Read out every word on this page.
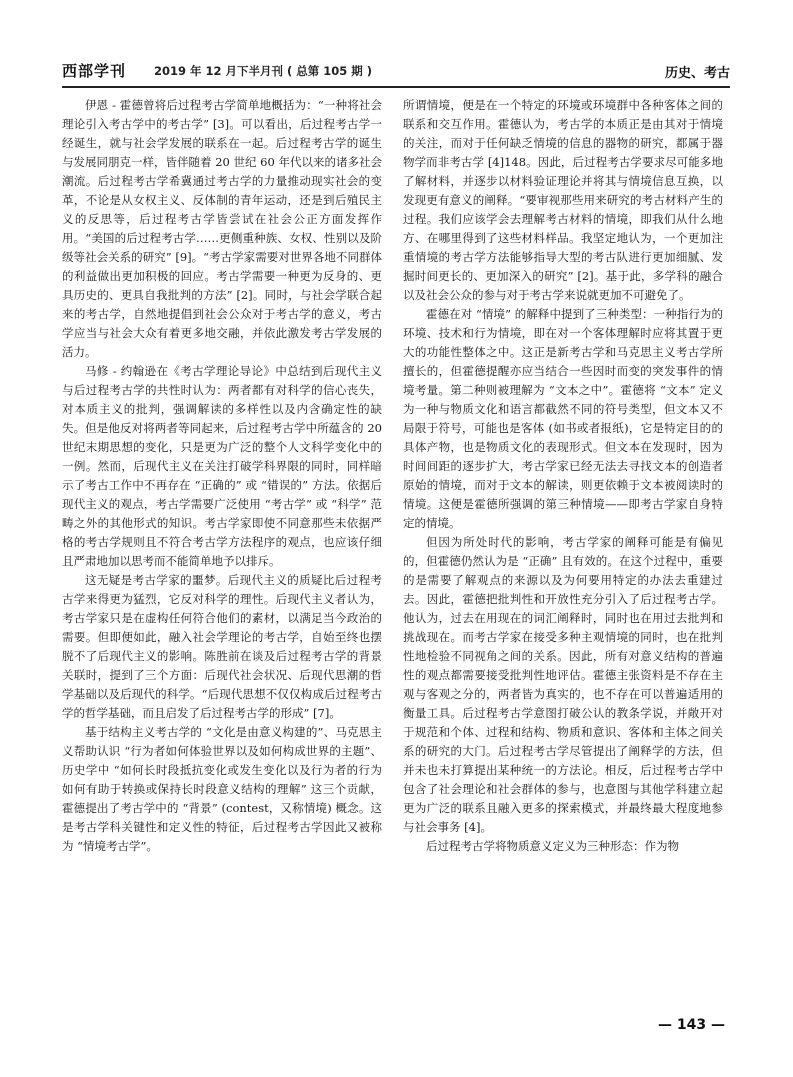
西部学刊 2019 年 12 月下半月刊 ( 总第 105 期 )	历史、考古

伊恩 - 霍德曾将后过程考古学简单地概括为：“一种将社会理论引入考古学中的考古学” [3]。可以看出，后过程考古学一经诞生，就与社会学发展的联系在一起。后过程考古学的诞生与发展同朋克一样，皆伴随着 20 世纪 60 年代以来的诸多社会潮流。后过程考古学希冀通过考古学的力量推动现实社会的变革，不论是从女权主义、反体制的青年运动，还是到后殖民主义的反思等，后过程考古学皆尝试在社会公正方面发挥作用。“美国的后过程考古学……更侧重种族、女权、性别以及阶级等社会关系的研究” [9]。“考古学家需要对世界各地不同群体的利益做出更加积极的回应。考古学需要一种更为反身的、更具历史的、更具自我批判的方法” [2]。同时，与社会学联合起来的考古学，自然地提倡到社会公众对于考古学的意义，考古学应当与社会大众有着更多地交融，并依此激发考古学发展的活力。

马修 - 约翰逊在《考古学理论导论》中总结到后现代主义与后过程考古学的共性时认为：两者都有对科学的信心丧失，对本质主义的批判，强调解读的多样性以及内含确定性的缺失。但是他反对将两者等同起来，后过程考古学中所蕴含的 20 世纪末期思想的变化，只是更为广泛的整个人文科学变化中的一例。然而，后现代主义在关注打破学科界限的同时，同样暗示了考古工作中不再存在 “正确的” 或 “错误的” 方法。依据后现代主义的观点，考古学需要广泛使用 “考古学” 或 “科学” 范畴之外的其他形式的知识。考古学家即使不同意那些未依据严格的考古学规则且不符合考古学方法程序的观点，也应该仔细且严肃地加以思考而不能简单地予以排斥。

这无疑是考古学家的噩梦。后现代主义的质疑比后过程考古学来得更为猛烈，它反对科学的理性。后现代主义者认为，考古学家只是在虚构任何符合他们的素材，以满足当今政治的需要。但即便如此，融入社会学理论的考古学，自始至终也摆脱不了后现代主义的影响。陈胜前在谈及后过程考古学的背景关联时，提到了三个方面：后现代社会状况、后现代思潮的哲学基础以及后现代的科学。“后现代思想不仅仅构成后过程考古学的哲学基础，而且启发了后过程考古学的形成” [7]。

基于结构主义考古学的 “文化是由意义构建的”、马克思主义帮助认识 “行为者如何体验世界以及如何构成世界的主题”、历史学中 “如何长时段抵抗变化或发生变化以及行为者的行为如何有助于转换或保持长时段意义结构的理解” 这三个贡献，霍德提出了考古学中的 “背景” (contest，又称情境) 概念。这是考古学科关键性和定义性的特征，后过程考古学因此又被称为 “情境考古学”。

所谓情境，便是在一个特定的环境或环境群中各种客体之间的联系和交互作用。霍德认为，考古学的本质正是由其对于情境的关注，而对于任何缺乏情境的信息的器物的研究，都属于器物学而非考古学 [4]148。因此，后过程考古学要求尽可能多地了解材料，并逐步以材料验证理论并将其与情境信息互换，以发现更有意义的阐释。“要审视那些用来研究的考古材料产生的过程。我们应该学会去理解考古材料的情境，即我们从什么地方、在哪里得到了这些材料样品。我坚定地认为，一个更加注重情境的考古学方法能够指导大型的考古队进行更加细腻、发掘时间更长的、更加深入的研究” [2]。基于此，多学科的融合以及社会公众的参与对于考古学来说就更加不可避免了。

霍德在对 “情境” 的解释中提到了三种类型：一种指行为的环境、技术和行为情境，即在对一个客体理解时应将其置于更大的功能性整体之中。这正是新考古学和马克思主义考古学所擅长的，但霍德提醒亦应当结合一些因时而变的突发事件的情境考量。第二种则被理解为 “文本之中”。霍德将 “文本” 定义为一种与物质文化和语言都截然不同的符号类型，但文本又不局限于符号，可能也是客体 (如书或者报纸)，它是特定目的的具体产物，也是物质文化的表现形式。但文本在发现时，因为时间间距的逐步扩大，考古学家已经无法去寻找文本的创造者原始的情境，而对于文本的解读，则更依赖于文本被阅读时的情境。这便是霍德所强调的第三种情境——即考古学家自身特定的情境。

但因为所处时代的影响，考古学家的阐释可能是有偏见的，但霍德仍然认为是 “正确” 且有效的。在这个过程中，重要的是需要了解观点的来源以及为何要用特定的办法去重建过去。因此，霍德把批判性和开放性充分引入了后过程考古学。他认为，过去在用现在的词汇阐释时，同时也在用过去批判和挑战现在。而考古学家在接受多种主观情境的同时，也在批判性地检验不同视角之间的关系。因此，所有对意义结构的普遍性的观点都需要接受批判性地评估。霍德主张资料是不存在主观与客观之分的，两者皆为真实的，也不存在可以普遍适用的衡量工具。后过程考古学意图打破公认的教条学说，并敞开对于规范和个体、过程和结构、物质和意识、客体和主体之间关系的研究的大门。后过程考古学尽管提出了阐释学的方法，但并未也未打算提出某种统一的方法论。相反，后过程考古学中包含了社会理论和社会群体的参与，也意图与其他学科建立起更为广泛的联系且融入更多的探索模式，并最终最大程度地参与社会事务 [4]。

后过程考古学将物质意义定义为三种形态：作为物

— 143 —
